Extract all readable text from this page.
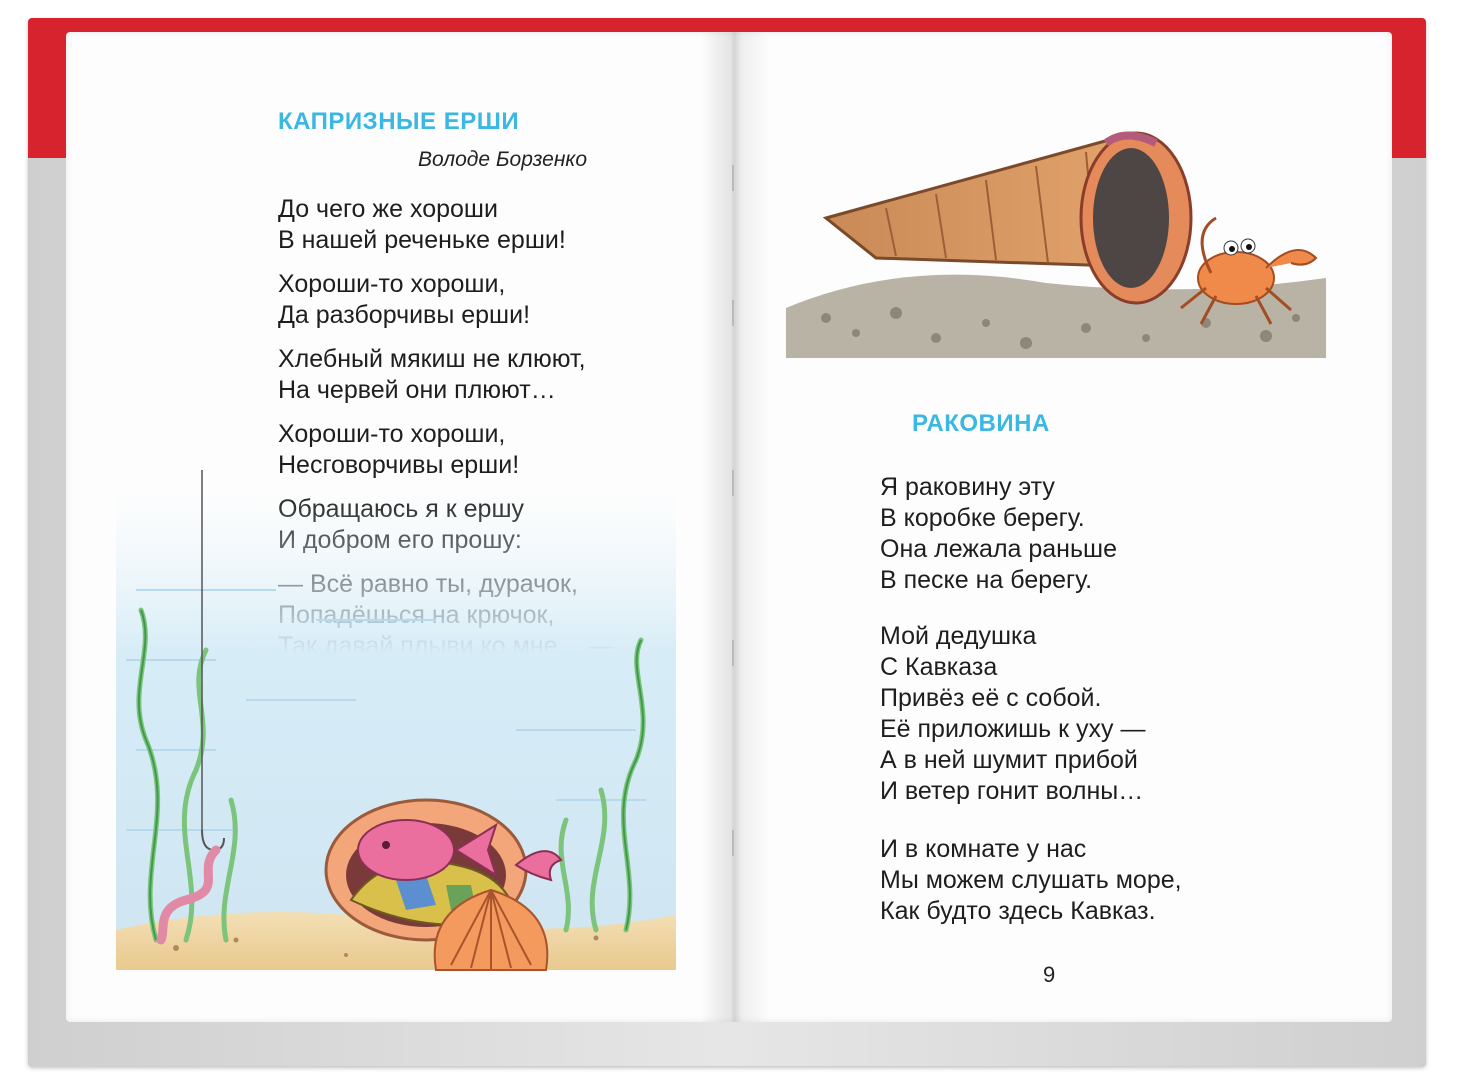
КАПРИЗНЫЕ ЕРШИ
Володе Борзенко
До чего же хороши
В нашей реченьке ерши!
Хороши-то хороши,
Да разборчивы ерши!
Хлебный мякиш не клюют,
На червей они плюют…
Хороши-то хороши,
Несговорчивы ерши!
РАКОВИНА
Я раковину эту
В коробке берегу.
Она лежала раньше
В песке на берегу.
Мой дедушка
С Кавказа
Привёз её с собой.
Её приложишь к уху —
А в ней шумит прибой
И ветер гонит волны…
И в комнате у нас
Мы можем слушать море,
Как будто здесь Кавказ.
9
